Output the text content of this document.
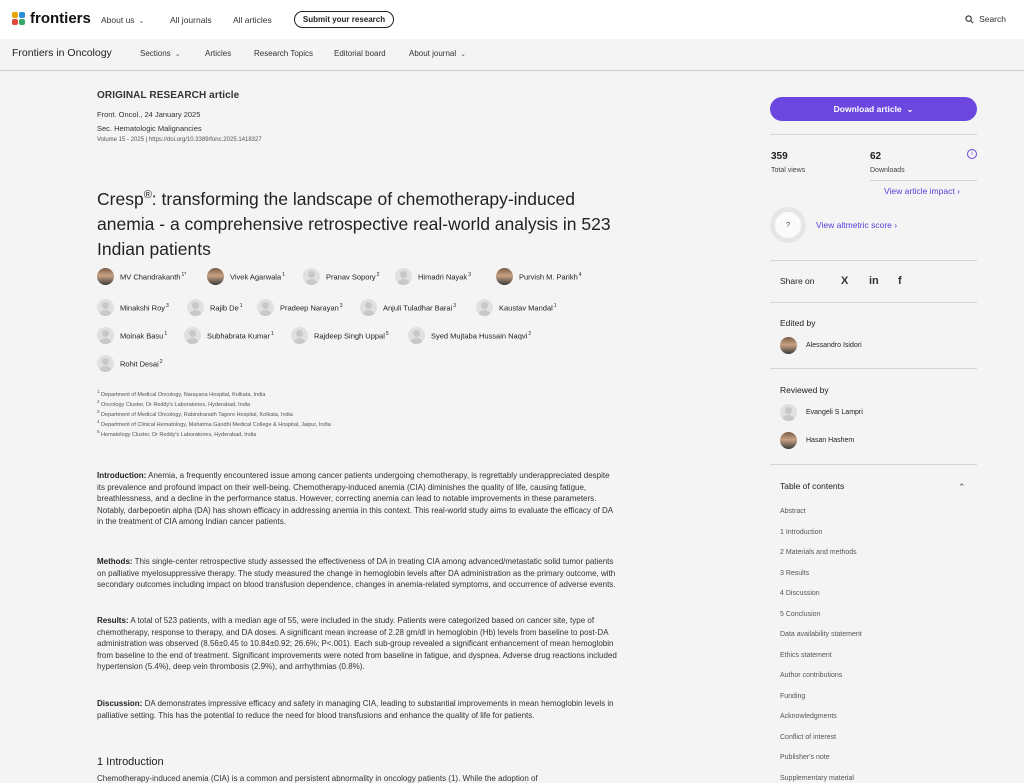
frontiers About us ⌄	All journals	All articles	Submit your research	Search
Frontiers in Oncology	Sections ⌄	Articles	Research Topics	Editorial board	About journal ⌄
ORIGINAL RESEARCH article
Front. Oncol., 24 January 2025
Sec. Hematologic Malignancies
Volume 15 - 2025 | https://doi.org/10.3389/fonc.2025.1418327
Cresp®: transforming the landscape of chemotherapy-induced anemia - a comprehensive retrospective real-world analysis in 523 Indian patients
MV Chandrakanth$^{1*}$	Vivek Agarwala$^1$	Pranav Sopory$^2$	Himadri Nayak$^3$	Purvish M. Parikh$^4$
Minakshi Roy$^3$	Rajib De$^1$	Pradeep Narayan$^3$	Anjuli Tuladhar Barai$^3$	Kaustav Mandal$^1$
Moinak Basu$^1$	Subhabrata Kumar$^1$	Rajdeep Singh Uppal$^5$	Syed Mujtaba Hussain Naqvi$^2$
Rohit Desai$^2$
$^1$ Department of Medical Oncology, Narayana Hospital, Kolkata, India
$^2$ Oncology Cluster, Dr Reddy's Laboratories, Hyderabad, India
$^3$ Department of Medical Oncology, Rabindranath Tagore Hospital, Kolkata, India
$^4$ Department of Clinical Hematology, Mahatma Gandhi Medical College & Hospital, Jaipur, India
$^5$ Hematology Cluster, Dr Reddy's Laboratories, Hyderabad, India

Introduction: Anemia, a frequently encountered issue among cancer patients undergoing chemotherapy, is regrettably underappreciated despite its prevalence and profound impact on their well-being. Chemotherapy-induced anemia (CIA) diminishes the quality of life, causing fatigue, breathlessness, and a decline in the performance status. However, correcting anemia can lead to notable improvements in these parameters. Notably, darbepoetin alpha (DA) has shown efficacy in addressing anemia in this context. This real-world study aims to evaluate the efficacy of DA in the treatment of CIA among Indian cancer patients.

Methods: This single-center retrospective study assessed the effectiveness of DA in treating CIA among advanced/metastatic solid tumor patients on palliative myelosuppressive therapy. The study measured the change in hemoglobin levels after DA administration as the primary outcome, with secondary outcomes including impact on blood transfusion dependence, changes in anemia-related symptoms, and occurrence of adverse events.

Results: A total of 523 patients, with a median age of 55, were included in the study. Patients were categorized based on cancer site, type of chemotherapy, response to therapy, and DA doses. A significant mean increase of 2.28 gm/dl in hemoglobin (Hb) levels from baseline to post-DA administration was observed (8.56±0.45 to 10.84±0.92; 26.6%; P<.001). Each sub-group revealed a significant enhancement of mean hemoglobin from baseline to the end of treatment. Significant improvements were noted from baseline in fatigue, and dyspnea. Adverse drug reactions included hypertension (5.4%), deep vein thrombosis (2.9%), and arrhythmias (0.8%).

Discussion: DA demonstrates impressive efficacy and safety in managing CIA, leading to substantial improvements in mean hemoglobin levels in palliative setting. This has the potential to reduce the need for blood transfusions and enhance the quality of life for patients.

1 Introduction
Chemotherapy-induced anemia (CIA) is a common and persistent abnormality in oncology patients (1). While the adoption of
Download article ⌄
359
Total views
62
Downloads
i
View article impact ›
?	View altmetric score ›
Share on X in f
Edited by
Alessandro Isidori
Reviewed by
Evangeli S Lampri
Hasan Hashem
Table of contents	⌃
Abstract
1 Introduction
2 Materials and methods
3 Results
4 Discussion
5 Conclusion
Data availability statement
Ethics statement
Author contributions
Funding
Acknowledgments
Conflict of interest
Publisher's note
Supplementary material
